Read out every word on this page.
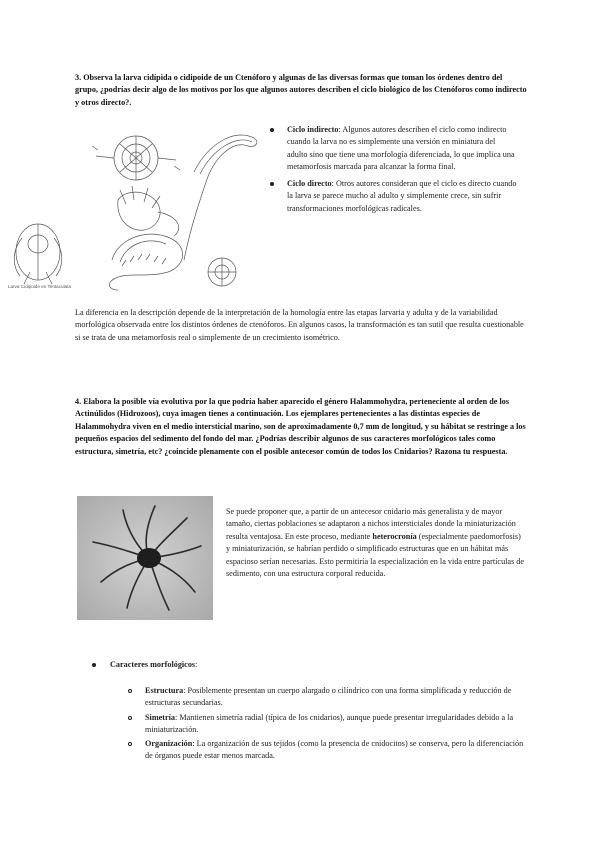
3. Observa la larva cidípida o cidipoide de un Ctenóforo y algunas de las diversas formas que toman los órdenes dentro del grupo, ¿podrías decir algo de los motivos por los que algunos autores describen el ciclo biológico de los Ctenóforos como indirecto y otros directo?.

Larva Cidipoide en Tentaculata

Ciclo indirecto: Algunos autores describen el ciclo como indirecto cuando la larva no es simplemente una versión en miniatura del adulto sino que tiene una morfología diferenciada, lo que implica una metamorfosis marcada para alcanzar la forma final.

Ciclo directo: Otros autores consideran que el ciclo es directo cuando la larva se parece mucho al adulto y simplemente crece, sin sufrir transformaciones morfológicas radicales.

La diferencia en la descripción depende de la interpretación de la homología entre las etapas larvaria y adulta y de la variabilidad morfológica observada entre los distintos órdenes de ctenóforos. En algunos casos, la transformación es tan sutil que resulta cuestionable si se trata de una metamorfosis real o simplemente de un crecimiento isométrico.

4. Elabora la posible vía evolutiva por la que podría haber aparecido el género Halammohydra, perteneciente al orden de los Actinúlidos (Hidrozoos), cuya imagen tienes a continuación. Los ejemplares pertenecientes a las distintas especies de Halammohydra viven en el medio intersticial marino, son de aproximadamente 0,7 mm de longitud, y su hábitat se restringe a los pequeños espacios del sedimento del fondo del mar. ¿Podrías describir algunos de sus caracteres morfológicos tales como estructura, simetría, etc? ¿coincide plenamente con el posible antecesor común de todos los Cnidarios? Razona tu respuesta.

Se puede proponer que, a partir de un antecesor cnidario más generalista y de mayor tamaño, ciertas poblaciones se adaptaron a nichos intersticiales donde la miniaturización resulta ventajosa. En este proceso, mediante heterocronía (especialmente paedomorfosis) y miniaturización, se habrían perdido o simplificado estructuras que en un hábitat más espacioso serían necesarias. Esto permitiría la especialización en la vida entre partículas de sedimento, con una estructura corporal reducida.

Caracteres morfológicos:

Estructura: Posiblemente presentan un cuerpo alargado o cilíndrico con una forma simplificada y reducción de estructuras secundarias.

Simetría: Mantienen simetría radial (típica de los cnidarios), aunque puede presentar irregularidades debido a la miniaturización.

Organización: La organización de sus tejidos (como la presencia de cnidocitos) se conserva, pero la diferenciación de órganos puede estar menos marcada.
